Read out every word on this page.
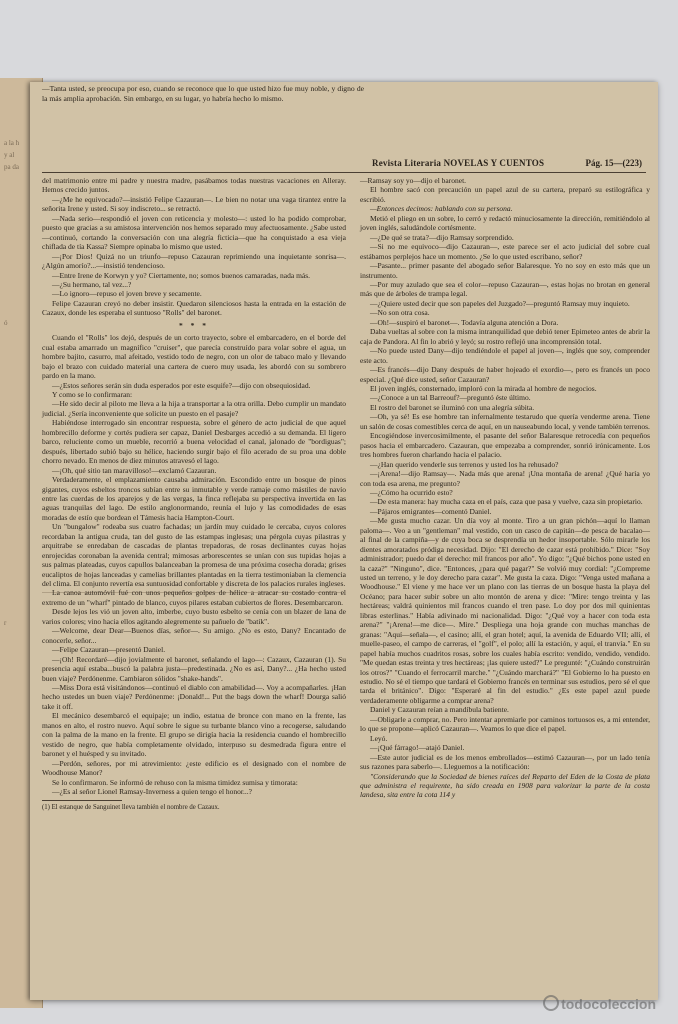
a la h
y al
pa da
ó
r
—Tanta usted, se preocupa por eso, cuando se reconoce que lo que usted hizo fue muy noble, y digno de la más amplia aprobación. Sin embargo, en su lugar, yo habría hecho lo mismo.
Revista Literaria NOVELAS Y CUENTOS	Pág. 15—(223)

del matrimonio entre mi padre y nuestra madre, pasábamos todas nuestras vacaciones en Alleray. Hemos crecido juntos.

—¿Me he equivocado?—insistió Felipe Cazauran—. Le bien no notar una vaga tirantez entre la señorita Irene y usted. Si soy indiscreto... se retractó.

—Nada serio—respondió el joven con reticencia y molesto—: usted lo ha podido comprobar, puesto que gracias a su amistosa intervención nos hemos separado muy afectuosamente. ¿Sabe usted—continuó, cortando la conversación con una alegría ficticia—que ha conquistado a esa vieja chiflada de tía Kassa? Siempre opinaba lo mismo que usted.

—¡Por Dios! Quizá no un triunfo—repuso Cazauran reprimiendo una inquietante sonrisa—. ¿Algún amorío?...—insistió tendencioso.

—Entre Irene de Korwyn y yo? Ciertamente, no; somos buenos camaradas, nada más.

—¿Su hermano, tal vez...?

—Lo ignoro—repuso el joven breve y secamente.

Felipe Cazauran creyó no deber insistir. Quedaron silenciosos hasta la entrada en la estación de Cazaux, donde les esperaba el suntuoso "Rolls" del baronet.

* * *

Cuando el "Rolls" los dejó, después de un corto trayecto, sobre el embarcadero, en el borde del cual estaba amarrado un magnífico "cruiser", que parecía construído para volar sobre el agua, un hombre bajito, casurro, mal afeitado, vestido todo de negro, con un olor de tabaco malo y llevando bajo el brazo con cuidado material una cartera de cuero muy usada, les abordó con su sombrero pardo en la mano.

—¿Estos señores serán sin duda esperados por este esquife?—dijo con obsequiosidad.

Y como se lo confirmaran:

—He sido decir al piloto me lleva a la hija a transportar a la otra orilla. Debo cumplir un mandato judicial. ¿Sería inconveniente que solicite un puesto en el pasaje?

Habiéndose interrogado sin encontrar respuesta, sobre el género de acto judicial de que aquel hombrecillo deforme y cortés pudiera ser capaz, Daniel Desbarges accedió a su demanda. El ligero barco, reluciente como un mueble, recorrió a buena velocidad el canal, jalonado de "bordiguas"; después, libertado subió bajo su hélice, haciendo surgir bajo el filo acerado de su proa una doble chorro nevado. En menos de diez minutos atravesó el lago.

—¡Oh, qué sitio tan maravilloso!—exclamó Cazauran.

Verdaderamente, el emplazamiento causaba admiración. Escondido entre un bosque de pinos gigantes, cuyos esbeltos troncos subían entre su inmutable y verde ramaje como mástiles de navío entre las cuerdas de los aparejos y de las vergas, la finca reflejaba su perspectiva invertida en las aguas tranquilas del lago. De estilo anglonormando, reunía el lujo y las comodidades de esas moradas de estío que bordean el Támesis hacia Hampton-Court.

Un "bungalow" rodeaba sus cuatro fachadas; un jardín muy cuidado le cercaba, cuyos colores recordaban la antigua cruda, tan del gusto de las estampas inglesas; una pérgola cuyas pilastras y arquitrabe se enredaban de cascadas de plantas trepadoras, de rosas declinantes cuyas hojas enrojecidas coronaban la avenida central; mimosas arborescentes se unían con sus tupidas hojas a sus palmas plateadas, cuyos capullos balanceaban la promesa de una próxima cosecha dorada; grises eucaliptos de hojas lanceadas y camelias brillantes plantadas en la tierra testimoniaban la clemencia del clima. El conjunto revertía esa suntuosidad confortable y discreta de los palacios rurales ingleses.

La canoa automóvil fué con unos pequeños golpes de hélice a atracar su costado contra el extremo de un "wharf" pintado de blanco, cuyos pilares estaban cubiertos de flores. Desembarcaron.

Desde lejos les vió un joven alto, imberbe, cuyo busto esbelto se cenía con un blazer de lana de varios colores; vino hacia ellos agitando alegremente su pañuelo de "batik".

—Welcome, dear Dear—Buenos días, señor—. Su amigo. ¿No es esto, Dany? Encantado de conocerle, señor...

—Felipe Cazauran—presentó Daniel.

—¡Oh! Recordaré—dijo jovialmente el baronet, señalando el lago—: Cazaux, Cazauran (1). Su presencia aquí estaba...buscó la palabra justa—predestinada. ¿No es así, Dany?... ¿Ha hecho usted buen viaje? Perdónenme. Cambiaron sólidos "shake-hands".

—Miss Dora está visitándonos—continuó el diablo con amabilidad—. Voy a acompañarles. ¡Han hecho ustedes un buen viaje? Perdónenme: ¡Donald!... Put the bags down the wharf! Dourga salió take it off.

El mecánico desembarcó el equipaje; un indio, estatua de bronce con mano en la frente, las manos en alto, el rostro nuevo. Aquí sobre le sigue su turbante blanco vino a recogerse, saludando con la palma de la mano en la frente. El grupo se dirigía hacia la residencia cuando el hombrecillo vestido de negro, que había completamente olvidado, interpuso su desmedrada figura entre el baronet y el huésped y su invitado.

—Perdón, señores, por mi atrevimiento: ¿este edificio es el designado con el nombre de Woodhouse Manor?

Se lo confirmaron. Se informó de rehuso con la misma timidez sumisa y timorata:

—¿Es al señor Lionel Ramsay-Inverness a quien tengo el honor...?

(1) El estanque de Sanguinet lleva también el nombre de Cazaux.

—Ramsay soy yo—dijo el baronet.

El hombre sacó con precaución un papel azul de su cartera, preparó su estilográfica y escribió.

—Entonces decimos: hablando con su persona.

Metió el pliego en un sobre, lo cerró y redactó minuciosamente la dirección, remitiéndolo al joven inglés, saludándole cortésmente.

—¿De qué se trata?—dijo Ramsay sorprendido.

—Si no me equivoco—dijo Cazauran—, este parece ser el acto judicial del sobre cual estábamos perplejos hace un momento. ¿Se lo que usted escribano, señor?

—Pasante... primer pasante del abogado señor Balaresque. Yo no soy en esto más que un instrumento.

—Por muy azulado que sea el color—repuso Cazauran—, estas hojas no brotan en general más que de árboles de trampa legal.

—¿Quiere usted decir que son papeles del Juzgado?—preguntó Ramsay muy inquieto.

—No son otra cosa.

—Oh!—suspiró el baronet—. Todavía alguna atención a Dora.

Daba vueltas al sobre con la misma intranquilidad que debió tener Epimeteo antes de abrir la caja de Pandora. Al fin lo abrió y leyó; su rostro reflejó una incomprensión total.

—No puede usted Dany—dijo tendiéndole el papel al joven—, inglés que soy, comprender este acto.

—Es francés—dijo Dany después de haber hojeado el exordio—, pero es francés un poco especial. ¿Qué dice usted, señor Cazauran?

El joven inglés, consternado, imploró con la mirada al hombre de negocios.

—¿Conoce a un tal Barreouf?—preguntó éste último.

El rostro del baronet se iluminó con una alegría súbita.

—Oh, ya sé! Es ese hombre tan infernalmente testarudo que quería venderme arena. Tiene un salón de cosas comestibles cerca de aquí, en un nauseabundo local, y vende también terrenos.

Encogiéndose invercosimilmente, el pasante del señor Balaresque retrocedía con pequeños pasos hacia el embarcadero. Cazauran, que empezaba a comprender, sonrió irónicamente. Los tres hombres fueron charlando hacia el palacio.

—¿Han querido venderle sus terrenos y usted los ha rehusado?

—¡Arena!—dijo Ramsay—. Nada más que arena! ¡Una montaña de arena! ¿Qué haría yo con toda esa arena, me pregunto?

—¿Cómo ha ocurrido esto?

—De esta manera: hay mucha caza en el país, caza que pasa y vuelve, caza sin propietario.

—Pájaros emigrantes—comentó Daniel.

—Me gusta mucho cazar. Un día voy al monte. Tiro a un gran pichón—aquí lo llaman paloma—. Veo a un "gentleman" mal vestido, con un casco de capitán—de pesca de bacalao—al final de la campiña—y de cuya boca se desprendía un hedor insoportable. Sólo mirarle los dientes amoratados pródiga necesidad. Dijo: "El derecho de cazar está prohibido." Dice: "Soy administrador; puedo dar el derecho: mil francos por año". Yo digo: "¿Qué bichos pone usted en la caza?" "Ninguno", dice. "Entonces, ¿para qué pagar?" Se volvió muy cordial: "¿Compreme usted un terreno, y le doy derecho para cazar". Me gusta la caza. Digo: "Venga usted mañana a Woodhouse." El viene y me hace ver un plano con las tierras de un bosque hasta la playa del Océano; para hacer subir sobre un alto montón de arena y dice: "Mire: tengo treinta y las hectáreas; valdrá quinientos mil francos cuando el tren pase. Lo doy por dos mil quinientas libras esterlinas." Había adivinado mi nacionalidad. Digo: "¿Qué voy a hacer con toda esta arena?" "¡Arena!—me dice—. Mire." Despliega una hoja grande con muchas manchas de granas: "Aquí—señala—, el casino; allí, el gran hotel; aquí, la avenida de Eduardo VII; allí, el muelle-paseo, el campo de carreras, el "golf", el polo; allí la estación, y aquí, el tranvía." En su papel había muchos cuadritos rosas, sobre los cuales había escrito: vendido, vendido, vendido. "Me quedan estas treinta y tres hectáreas; ¡las quiere usted?" Le pregunté: "¿Cuándo construirán los otros?" "Cuando el ferrocarril marche." "¿Cuándo marchará?" "El Gobierno lo ha puesto en estudio. No sé el tiempo que tardará el Gobierno francés en terminar sus estudios, pero sé el que tarda el británico". Digo: "Esperaré al fin del estudio." ¿Es este papel azul puede verdaderamente obligarme a comprar arena?

Daniel y Cazauran reían a mandíbula batiente.

—Obligarle a comprar, no. Pero intentar apremiarle por caminos tortuosos es, a mi entender, lo que se propone—aplicó Cazauran—. Veamos lo que dice el papel.

Leyó.

—¡Qué fárrago!—atajó Daniel.

—Este autor judicial es de los menos embrollados—estimó Cazauran—, por un lado tenía sus razones para saberlo—. Lleguemos a la notificación:

"Considerando que la Sociedad de bienes raíces del Reparto del Eden de la Costa de plata que administra el requirente, ha sido creada en 1908 para valorizar la parte de la costa landesa, sita entre la cota 114 y

todocoleccion
